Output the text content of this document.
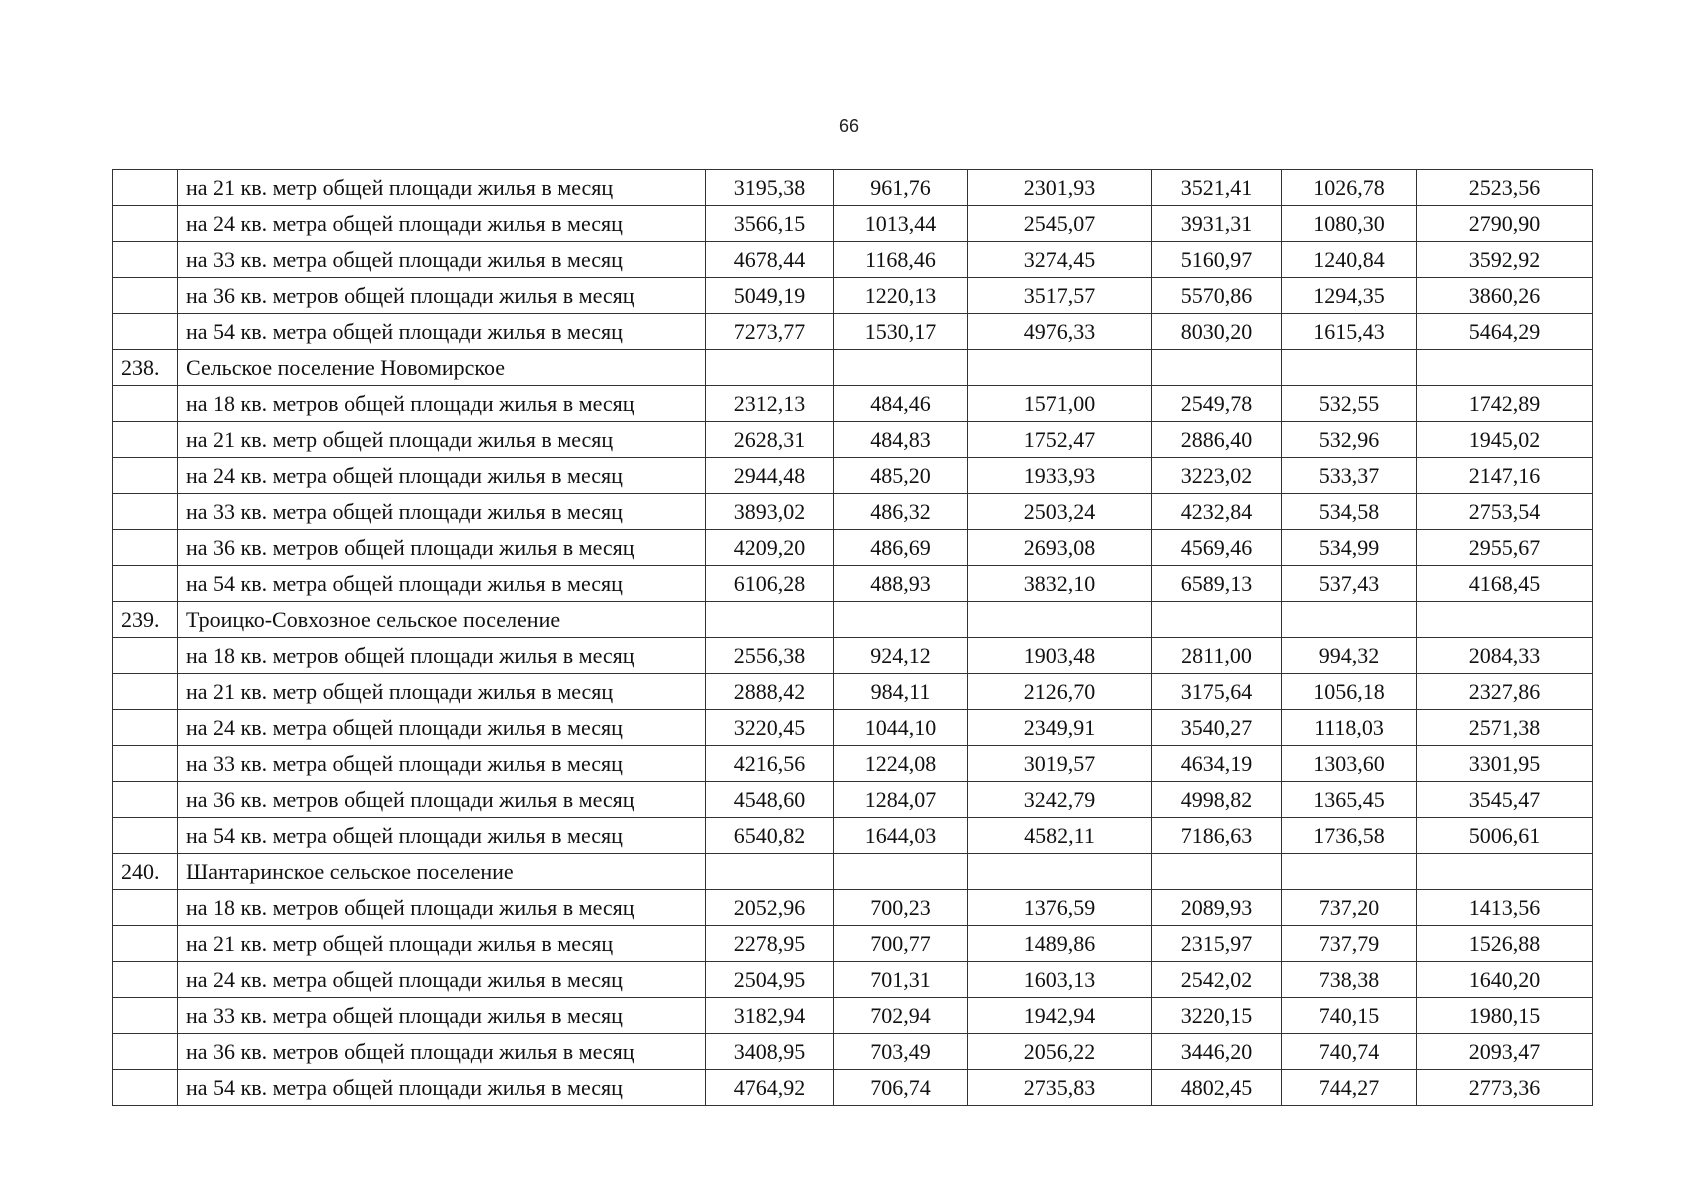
66
	на 21 кв. метр общей площади жилья в месяц	3195,38	961,76	2301,93	3521,41	1026,78	2523,56
	на 24 кв. метра общей площади жилья в месяц	3566,15	1013,44	2545,07	3931,31	1080,30	2790,90
	на 33 кв. метра общей площади жилья в месяц	4678,44	1168,46	3274,45	5160,97	1240,84	3592,92
	на 36 кв. метров общей площади жилья в месяц	5049,19	1220,13	3517,57	5570,86	1294,35	3860,26
	на 54 кв. метра общей площади жилья в месяц	7273,77	1530,17	4976,33	8030,20	1615,43	5464,29
238.	Сельское поселение Новомирское						
	на 18 кв. метров общей площади жилья в месяц	2312,13	484,46	1571,00	2549,78	532,55	1742,89
	на 21 кв. метр общей площади жилья в месяц	2628,31	484,83	1752,47	2886,40	532,96	1945,02
	на 24 кв. метра общей площади жилья в месяц	2944,48	485,20	1933,93	3223,02	533,37	2147,16
	на 33 кв. метра общей площади жилья в месяц	3893,02	486,32	2503,24	4232,84	534,58	2753,54
	на 36 кв. метров общей площади жилья в месяц	4209,20	486,69	2693,08	4569,46	534,99	2955,67
	на 54 кв. метра общей площади жилья в месяц	6106,28	488,93	3832,10	6589,13	537,43	4168,45
239.	Троицко-Совхозное сельское поселение						
	на 18 кв. метров общей площади жилья в месяц	2556,38	924,12	1903,48	2811,00	994,32	2084,33
	на 21 кв. метр общей площади жилья в месяц	2888,42	984,11	2126,70	3175,64	1056,18	2327,86
	на 24 кв. метра общей площади жилья в месяц	3220,45	1044,10	2349,91	3540,27	1118,03	2571,38
	на 33 кв. метра общей площади жилья в месяц	4216,56	1224,08	3019,57	4634,19	1303,60	3301,95
	на 36 кв. метров общей площади жилья в месяц	4548,60	1284,07	3242,79	4998,82	1365,45	3545,47
	на 54 кв. метра общей площади жилья в месяц	6540,82	1644,03	4582,11	7186,63	1736,58	5006,61
240.	Шантаринское сельское поселение						
	на 18 кв. метров общей площади жилья в месяц	2052,96	700,23	1376,59	2089,93	737,20	1413,56
	на 21 кв. метр общей площади жилья в месяц	2278,95	700,77	1489,86	2315,97	737,79	1526,88
	на 24 кв. метра общей площади жилья в месяц	2504,95	701,31	1603,13	2542,02	738,38	1640,20
	на 33 кв. метра общей площади жилья в месяц	3182,94	702,94	1942,94	3220,15	740,15	1980,15
	на 36 кв. метров общей площади жилья в месяц	3408,95	703,49	2056,22	3446,20	740,74	2093,47
	на 54 кв. метра общей площади жилья в месяц	4764,92	706,74	2735,83	4802,45	744,27	2773,36
